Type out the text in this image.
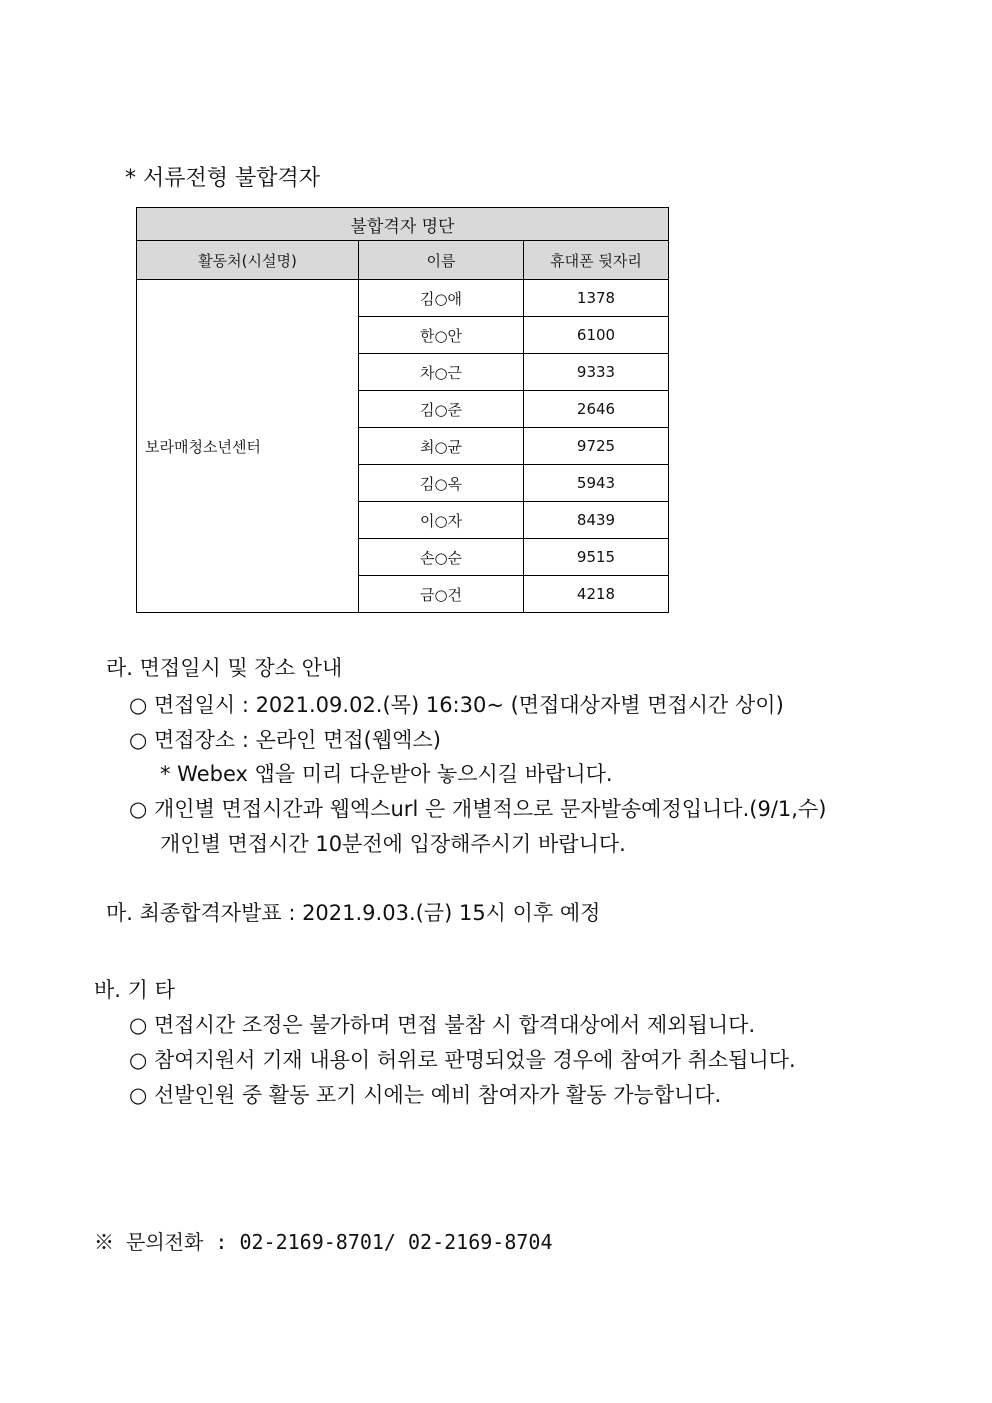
* 서류전형 불합격자
불합격자 명단		
활동처(시설명)	이름	휴대폰 뒷자리
보라매청소년센터	김○애	1378
	한○안	6100
	차○근	9333
	김○준	2646
	최○균	9725
	김○옥	5943
	이○자	8439
	손○순	9515
	금○건	4218
라. 면접일시 및 장소 안내
○ 면접일시 : 2021.09.02.(목) 16:30~ (면접대상자별 면접시간 상이)
○ 면접장소 : 온라인 면접(웹엑스)
* Webex 앱을 미리 다운받아 놓으시길 바랍니다.
○ 개인별 면접시간과 웹엑스url 은 개별적으로 문자발송예정입니다.(9/1,수)
개인별 면접시간 10분전에 입장해주시기 바랍니다.
마. 최종합격자발표 : 2021.9.03.(금) 15시 이후 예정
바. 기 타
○ 면접시간 조정은 불가하며 면접 불참 시 합격대상에서 제외됩니다.
○ 참여지원서 기재 내용이 허위로 판명되었을 경우에 참여가 취소됩니다.
○ 선발인원 중 활동 포기 시에는 예비 참여자가 활동 가능합니다.
※ 문의전화 : 02-2169-8701/ 02-2169-8704
